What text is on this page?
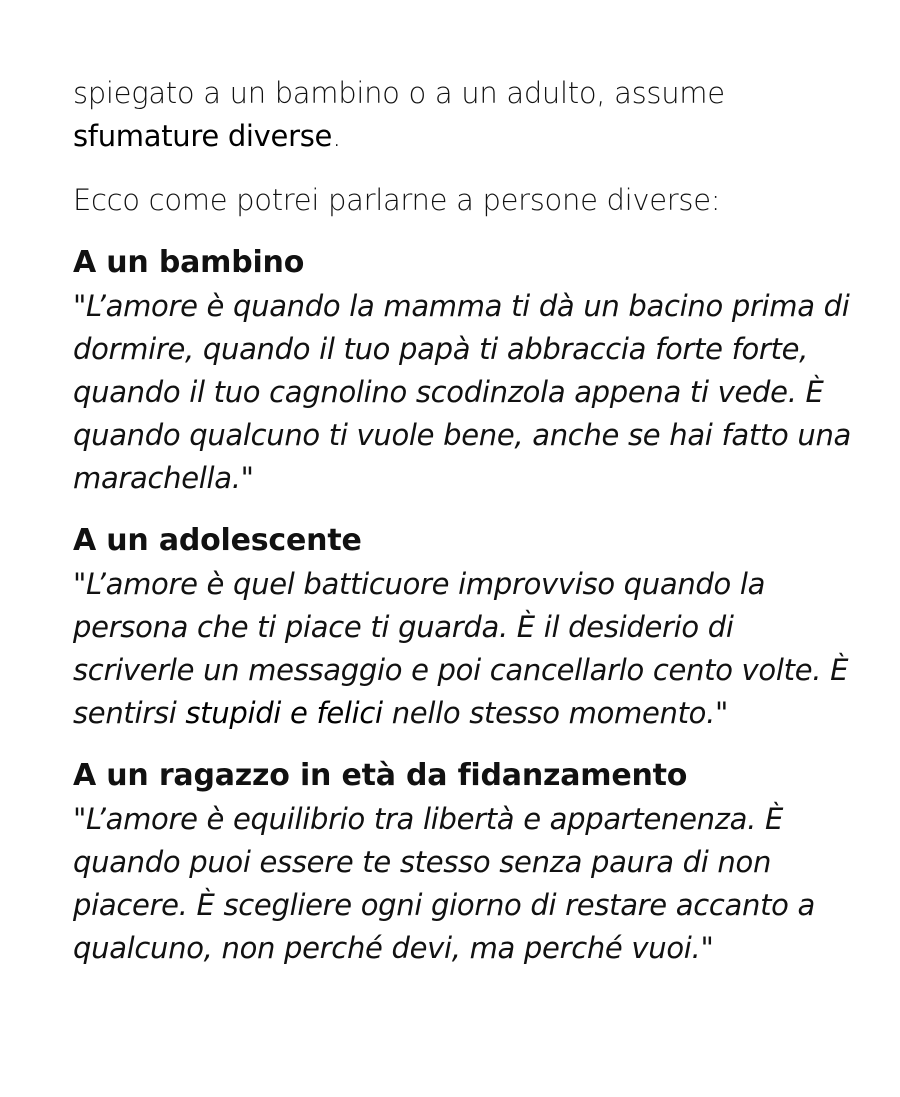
spiegato a un bambino o a un adulto, assume
sfumature diverse.

Ecco come potrei parlarne a persone diverse:

A un bambino
"L’amore è quando la mamma ti dà un bacino prima di
dormire, quando il tuo papà ti abbraccia forte forte,
quando il tuo cagnolino scodinzola appena ti vede. È
quando qualcuno ti vuole bene, anche se hai fatto una
marachella."
A un adolescente
"L’amore è quel batticuore improvviso quando la
persona che ti piace ti guarda. È il desiderio di
scriverle un messaggio e poi cancellarlo cento volte. È
sentirsi stupidi e felici nello stesso momento."
A un ragazzo in età da fidanzamento
"L’amore è equilibrio tra libertà e appartenenza. È
quando puoi essere te stesso senza paura di non
piacere. È scegliere ogni giorno di restare accanto a
qualcuno, non perché devi, ma perché vuoi."
